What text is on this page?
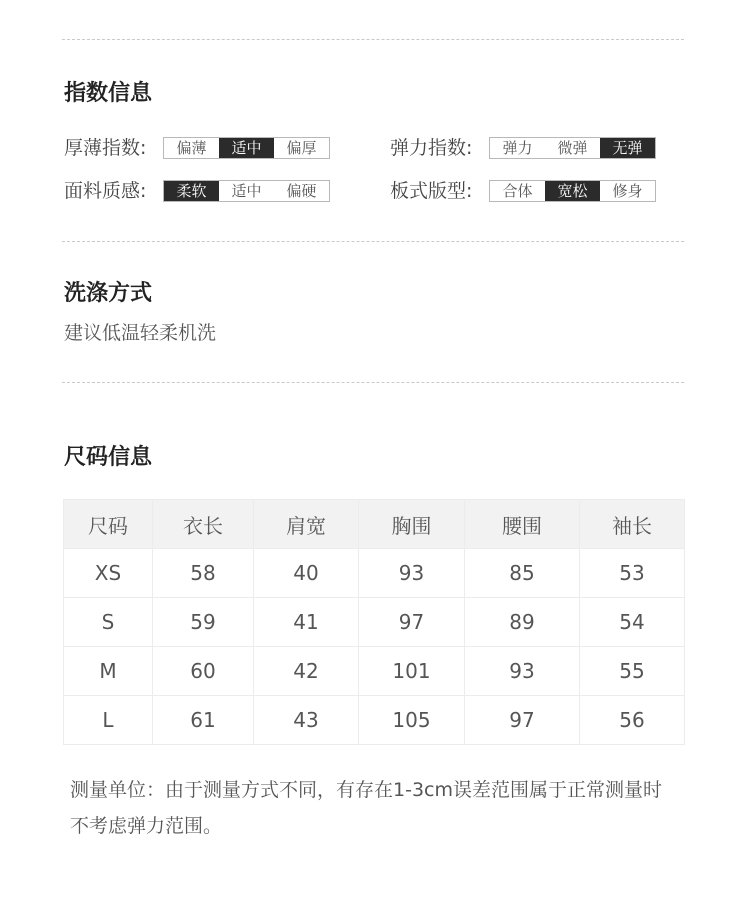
指数信息
厚薄指数:	偏薄	适中	偏厚	弹力指数:	弹力	微弹	无弹
面料质感:	柔软	适中	偏硬	板式版型:	合体	宽松	修身
洗涤方式

建议低温轻柔机洗

尺码信息
尺码	衣长	肩宽	胸围	腰围	袖长
XS	58	40	93	85	53
S	59	41	97	89	54
M	60	42	101	93	55
L	61	43	105	97	56

测量单位：由于测量方式不同，有存在1-3cm误差范围属于正常测量时不考虑弹力范围。
